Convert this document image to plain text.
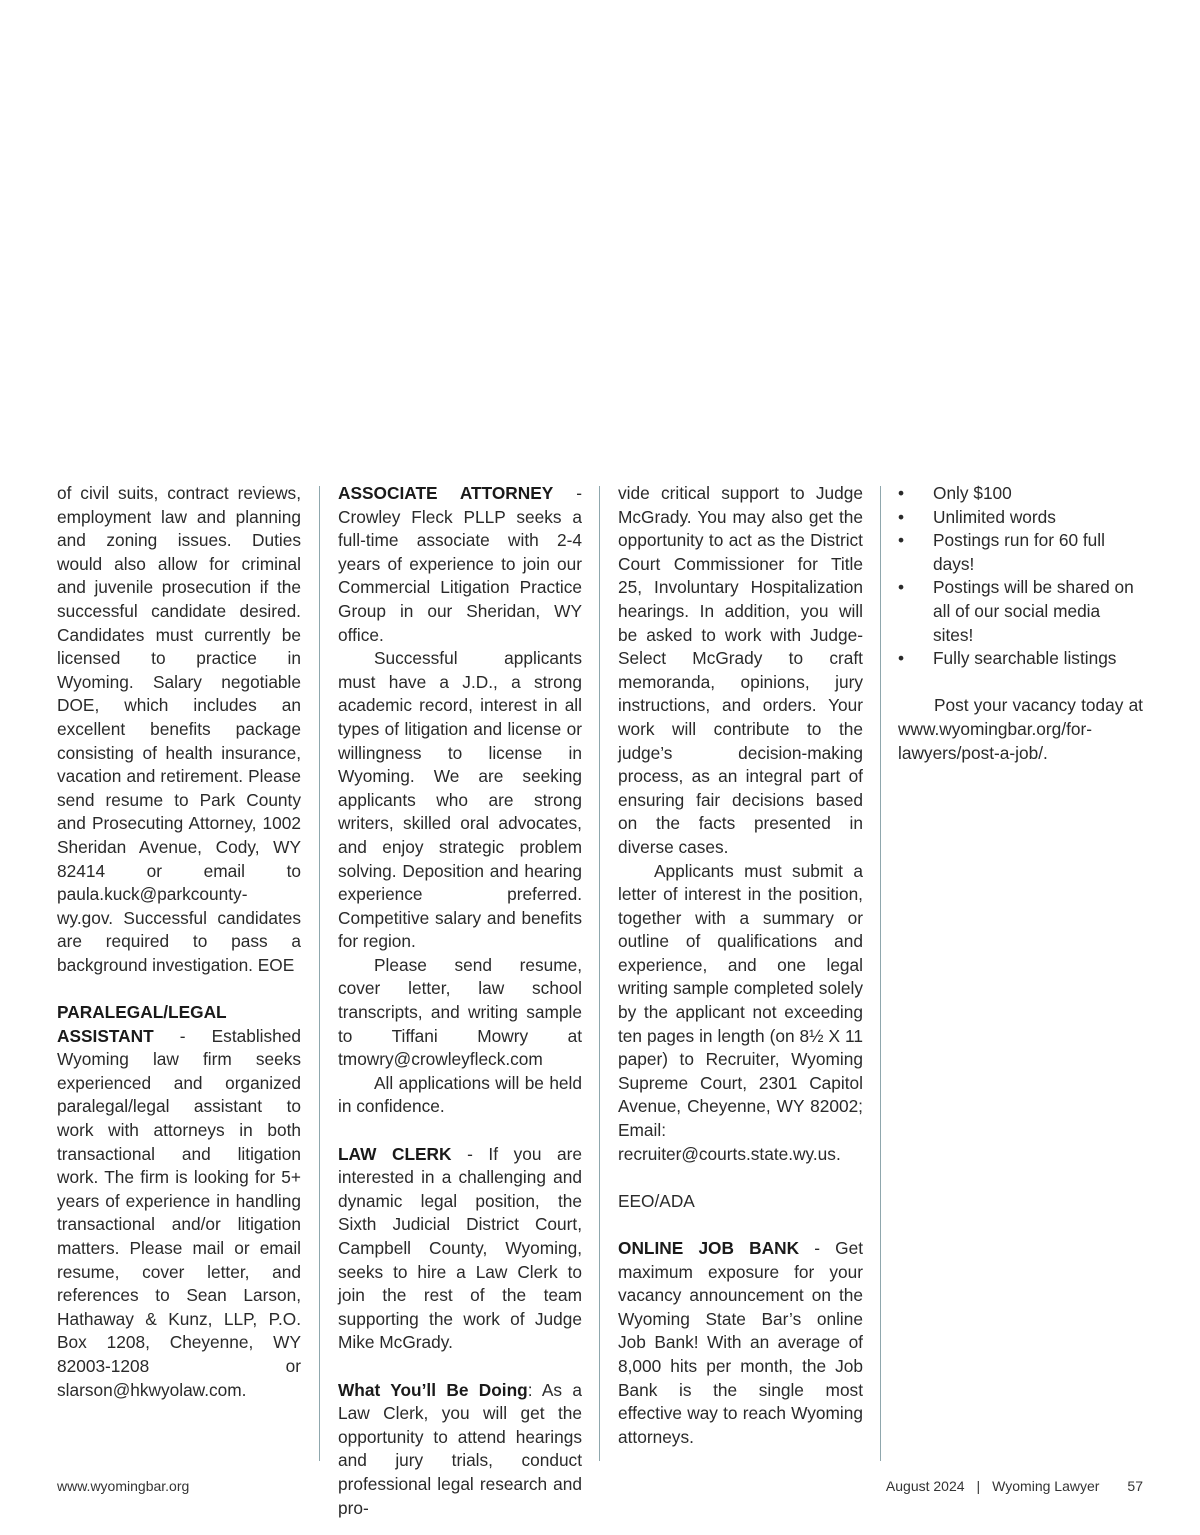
of civil suits, contract reviews, employment law and planning and zoning issues. Duties would also allow for criminal and juvenile prosecution if the successful candidate desired. Candidates must currently be licensed to practice in Wyoming. Salary negotiable DOE, which includes an excellent benefits package consisting of health insurance, vacation and retirement. Please send resume to Park County and Prosecuting Attorney, 1002 Sheridan Avenue, Cody, WY 82414 or email to paula.kuck@parkcounty-wy.gov. Successful candidates are required to pass a background investigation. EOE

PARALEGAL/LEGAL ASSISTANT - Established Wyoming law firm seeks experienced and organized paralegal/legal assistant to work with attorneys in both transactional and litigation work. The firm is looking for 5+ years of experience in handling transactional and/or litigation matters. Please mail or email resume, cover letter, and references to Sean Larson, Hathaway & Kunz, LLP, P.O. Box 1208, Cheyenne, WY 82003-1208 or slarson@hkwyolaw.com.

ASSOCIATE ATTORNEY - Crowley Fleck PLLP seeks a full-time associate with 2-4 years of experience to join our Commercial Litigation Practice Group in our Sheridan, WY office.

Successful applicants must have a J.D., a strong academic record, interest in all types of litigation and license or willingness to license in Wyoming. We are seeking applicants who are strong writers, skilled oral advocates, and enjoy strategic problem solving. Deposition and hearing experience preferred. Competitive salary and benefits for region.

Please send resume, cover letter, law school transcripts, and writing sample to Tiffani Mowry at tmowry@crowleyfleck.com

All applications will be held in confidence.

LAW CLERK - If you are interested in a challenging and dynamic legal position, the Sixth Judicial District Court, Campbell County, Wyoming, seeks to hire a Law Clerk to join the rest of the team supporting the work of Judge Mike McGrady.

What You’ll Be Doing: As a Law Clerk, you will get the opportunity to attend hearings and jury trials, conduct professional legal research and pro-

vide critical support to Judge McGrady. You may also get the opportunity to act as the District Court Commissioner for Title 25, Involuntary Hospitalization hearings. In addition, you will be asked to work with Judge-Select McGrady to craft memoranda, opinions, jury instructions, and orders. Your work will contribute to the judge’s decision-making process, as an integral part of ensuring fair decisions based on the facts presented in diverse cases.

Applicants must submit a letter of interest in the position, together with a summary or outline of qualifications and experience, and one legal writing sample completed solely by the applicant not exceeding ten pages in length (on 8½ X 11 paper) to Recruiter, Wyoming Supreme Court, 2301 Capitol Avenue, Cheyenne, WY 82002; Email: recruiter@courts.state.wy.us.

EEO/ADA

ONLINE JOB BANK - Get maximum exposure for your vacancy announcement on the Wyoming State Bar’s online Job Bank! With an average of 8,000 hits per month, the Job Bank is the single most effective way to reach Wyoming attorneys.

• Only $100
• Unlimited words
• Postings run for 60 full days!
• Postings will be shared on all of our social media sites!
• Fully searchable listings

Post your vacancy today at www.wyomingbar.org/for-lawyers/post-a-job/.

www.wyomingbar.org	August 2024 | Wyoming Lawyer 57
